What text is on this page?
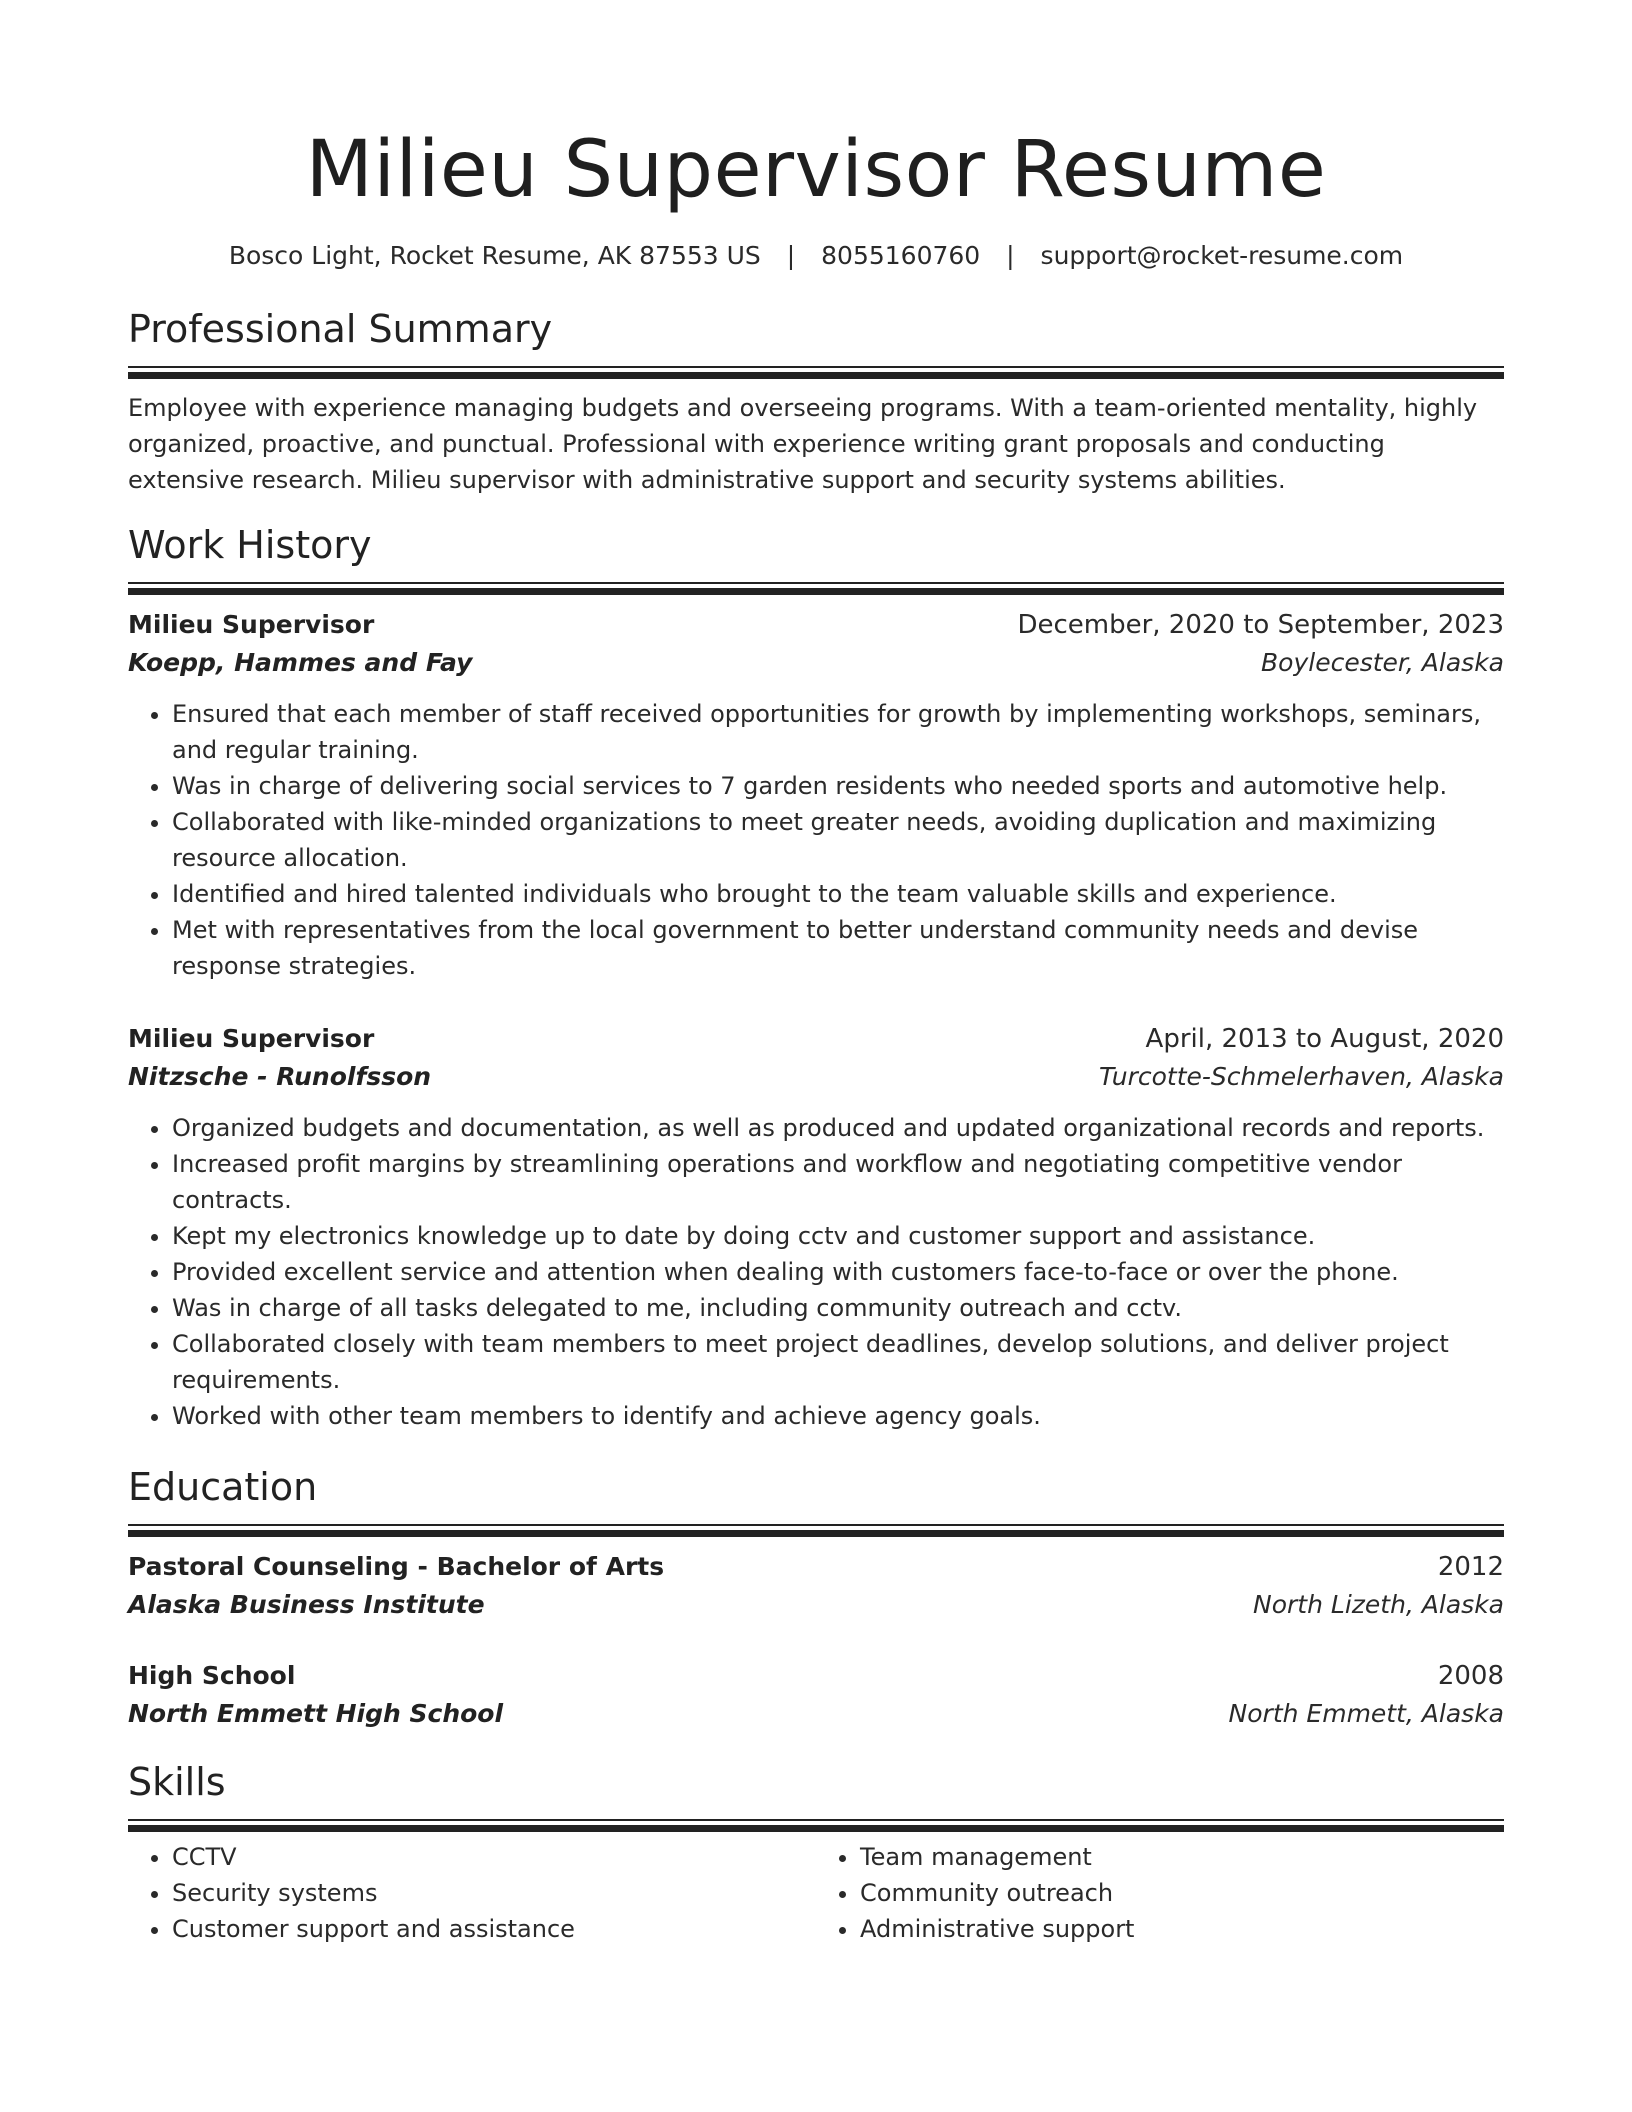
Milieu Supervisor Resume
Bosco Light, Rocket Resume, AK 87553 US | 8055160760 | support@rocket-resume.com
Professional Summary

Employee with experience managing budgets and overseeing programs. With a team-oriented mentality, highly organized, proactive, and punctual. Professional with experience writing grant proposals and conducting extensive research. Milieu supervisor with administrative support and security systems abilities.

Work History
Milieu Supervisor	December, 2020 to September, 2023
Koepp, Hammes and Fay	Boylecester, Alaska
• Ensured that each member of staff received opportunities for growth by implementing workshops, seminars, and regular training.
• Was in charge of delivering social services to 7 garden residents who needed sports and automotive help.
• Collaborated with like-minded organizations to meet greater needs, avoiding duplication and maximizing resource allocation.
• Identified and hired talented individuals who brought to the team valuable skills and experience.
• Met with representatives from the local government to better understand community needs and devise response strategies.
Milieu Supervisor	April, 2013 to August, 2020
Nitzsche - Runolfsson	Turcotte-Schmelerhaven, Alaska
• Organized budgets and documentation, as well as produced and updated organizational records and reports.
• Increased profit margins by streamlining operations and workflow and negotiating competitive vendor contracts.
• Kept my electronics knowledge up to date by doing cctv and customer support and assistance.
• Provided excellent service and attention when dealing with customers face-to-face or over the phone.
• Was in charge of all tasks delegated to me, including community outreach and cctv.
• Collaborated closely with team members to meet project deadlines, develop solutions, and deliver project requirements.
• Worked with other team members to identify and achieve agency goals.
Education
Pastoral Counseling - Bachelor of Arts	2012
Alaska Business Institute	North Lizeth, Alaska
High School	2008
North Emmett High School	North Emmett, Alaska
Skills
• CCTV
• Security systems
• Customer support and assistance
• Team management
• Community outreach
• Administrative support
